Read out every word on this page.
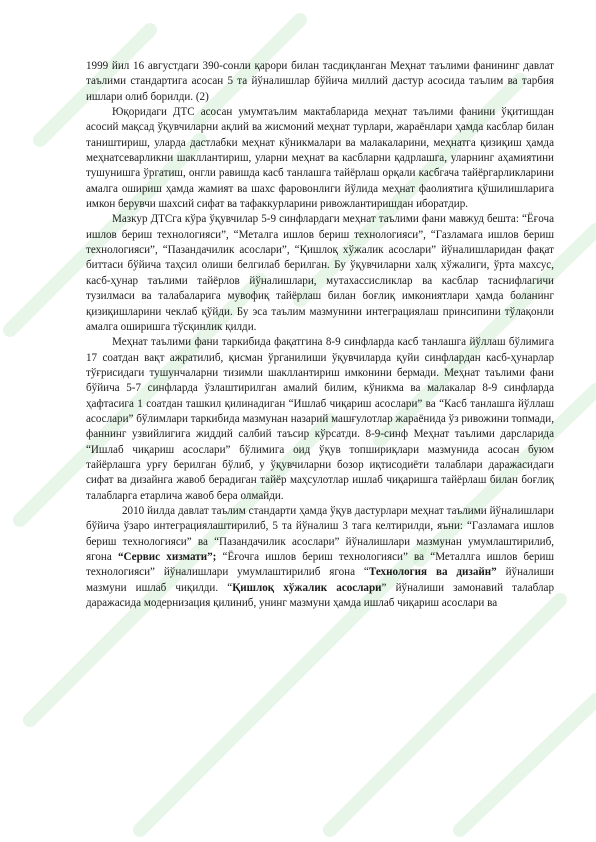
1999 йил 16 августдаги 390-сонли қарори билан тасдиқланган Меҳнат таълими фанининг давлат таълими стандартига асосан 5 та йўналишлар бўйича миллий дастур асосида таълим ва тарбия ишлари олиб борилди. (2)

Юқоридаги ДТС асосан умумтаълим мактабларида меҳнат таълими фанини ўқитишдан асосий мақсад ўқувчиларни ақлий ва жисмоний меҳнат турлари, жараёнлари ҳамда касблар билан таништириш, уларда дастлабки меҳнат кўникмалари ва малакаларини, меҳнатга қизиқиш ҳамда меҳнатсеварликни шакллантириш, уларни меҳнат ва касбларни қадрлашга, уларнинг аҳамиятини тушунишга ўргатиш, онгли равишда касб танлашга тайёрлаш орқали касбгача тайёргарликларини амалга ошириш ҳамда жамият ва шахс фаровонлиги йўлида меҳнат фаолиятига қўшилишларига имкон берувчи шахсий сифат ва тафаккурларини ривожлантиришдан иборатдир.

Мазкур ДТСга кўра ўқувчилар 5-9 синфлардаги меҳнат таълими фани мавжуд бешта: “Ёғоча ишлов бериш технологияси”, “Металга ишлов бериш технологияси”, “Газламага ишлов бериш технологияси”, “Пазандачилик асослари”, “Қишлоқ хўжалик асослари” йўналишларидан фақат биттаси бўйича таҳсил олиши белгилаб берилган. Бу ўқувчиларни халқ хўжалиги, ўрта махсус, касб-ҳунар таълими тайёрлов йўналишлари, мутахассисликлар ва касблар таснифлагичи тузилмаси ва талабаларига мувофиқ тайёрлаш билан боғлиқ имкониятлари ҳамда боланинг қизиқишларини чеклаб қўйди. Бу эса таълим мазмунини интеграциялаш принсипини тўлақонли амалга оширишга тўсқинлик қилди.

Меҳнат таълими фани таркибида фақатгина 8-9 синфларда касб танлашга йўллаш бўлимига 17 соатдан вақт ажратилиб, қисман ўрганилиши ўқувчиларда қуйи синфлардан касб-ҳунарлар тўғрисидаги тушунчаларни тизимли шакллантириш имконини бермади. Меҳнат таълими фани бўйича 5-7 синфларда ўзлаштирилган амалий билим, кўникма ва малакалар 8-9 синфларда ҳафтасига 1 соатдан ташкил қилинадиган “Ишлаб чиқариш асослари” ва “Касб танлашга йўллаш асослари” бўлимлари таркибида мазмунан назарий машғулотлар жараёнида ўз ривожини топмади, фаннинг узвийлигига жиддий салбий таъсир кўрсатди. 8-9-синф Меҳнат таълими дарсларида “Ишлаб чиқариш асослари” бўлимига оид ўқув топшириқлари мазмунида асосан буюм тайёрлашга урғу берилган бўлиб, у ўқувчиларни бозор иқтисодиёти талаблари даражасидаги сифат ва дизайнга жавоб берадиган тайёр маҳсулотлар ишлаб чиқаришга тайёрлаш билан боғлиқ талабларга етарлича жавоб бера олмайди.

2010 йилда давлат таълим стандарти ҳамда ўқув дастурлари меҳнат таълими йўналишлари бўйича ўзаро интеграциялаштирилиб, 5 та йўналиш 3 тага келтирилди, яъни: “Газламага ишлов бериш технологияси” ва “Пазандачилик асослари” йўналишлари мазмунан умумлаштирилиб, ягона “Сервис хизмати”; “Ёғочга ишлов бериш технологияси” ва “Металлга ишлов бериш технологияси” йўналишлари умумлаштирилиб ягона “Технология ва дизайн” йўналиши мазмуни ишлаб чиқилди. “Қишлоқ хўжалик асослари” йўналиши замонавий талаблар даражасида модернизация қилиниб, унинг мазмуни ҳамда ишлаб чиқариш асослари ва
